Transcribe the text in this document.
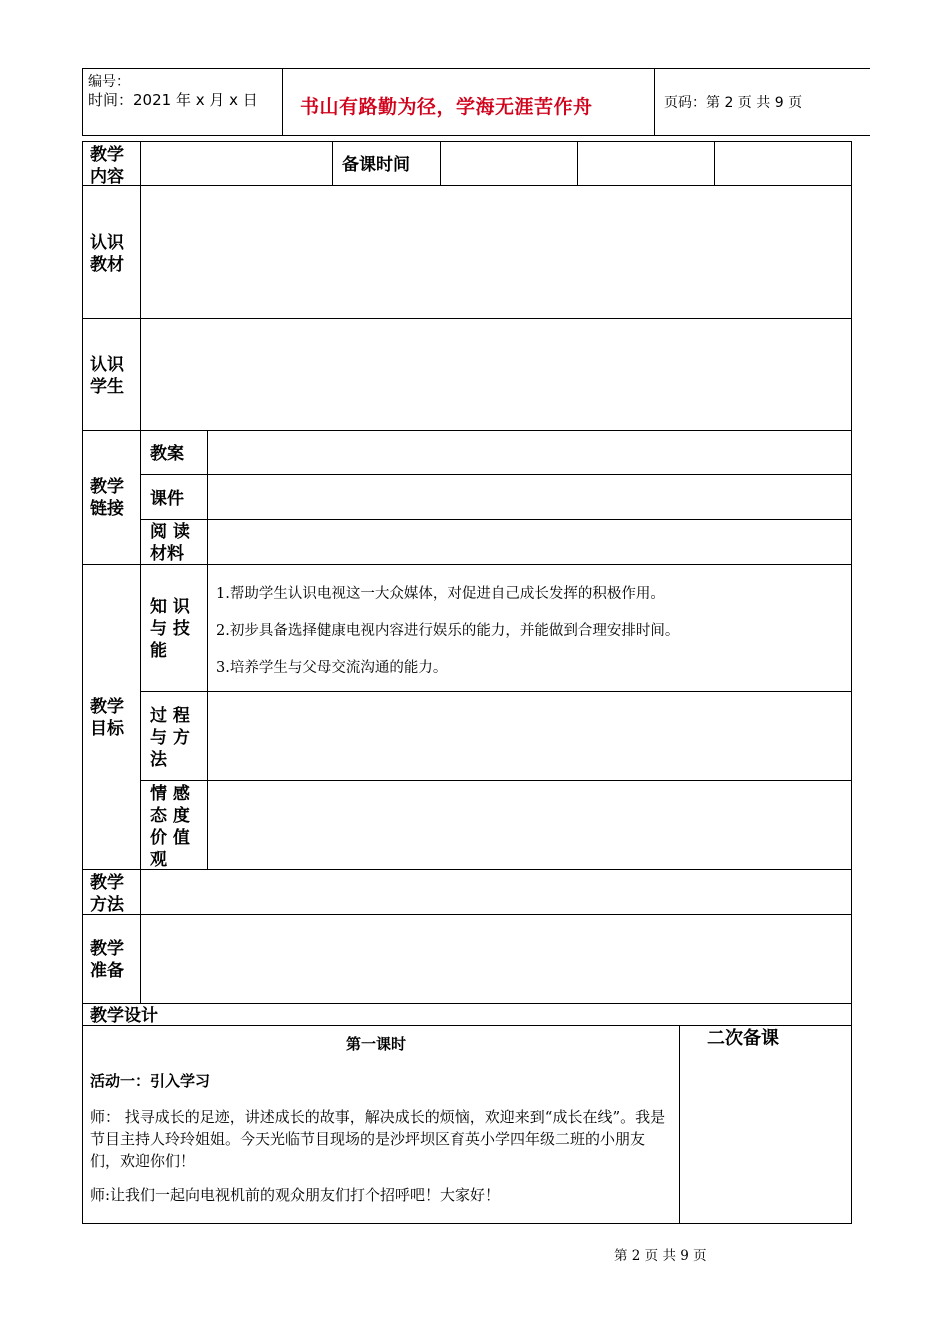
编号：
时间：2021 年 x 月 x 日 书山有路勤为径，学海无涯苦作舟	页码：第 2 页 共 9 页
教学
内容
备课时间
认识
教材
认识
学生
教学
链接
教案
课件
阅 读
材料
教学
目标
知 识
与 技
能
过 程
与 方
法
情 感
态 度
价 值
观
1.帮助学生认识电视这一大众媒体，对促进自己成长发挥的积极作用。
2.初步具备选择健康电视内容进行娱乐的能力，并能做到合理安排时间。
3.培养学生与父母交流沟通的能力。
教学
方法
教学
准备
教学设计
第一课时	二次备课
活动一：引入学习
师： 找寻成长的足迹，讲述成长的故事，解决成长的烦恼，欢迎来到“成长在线”。我是节目主持人玲玲姐姐。今天光临节目现场的是沙坪坝区育英小学四年级二班的小朋友们，欢迎你们！
师:让我们一起向电视机前的观众朋友们打个招呼吧！大家好！
第 2 页 共 9 页
